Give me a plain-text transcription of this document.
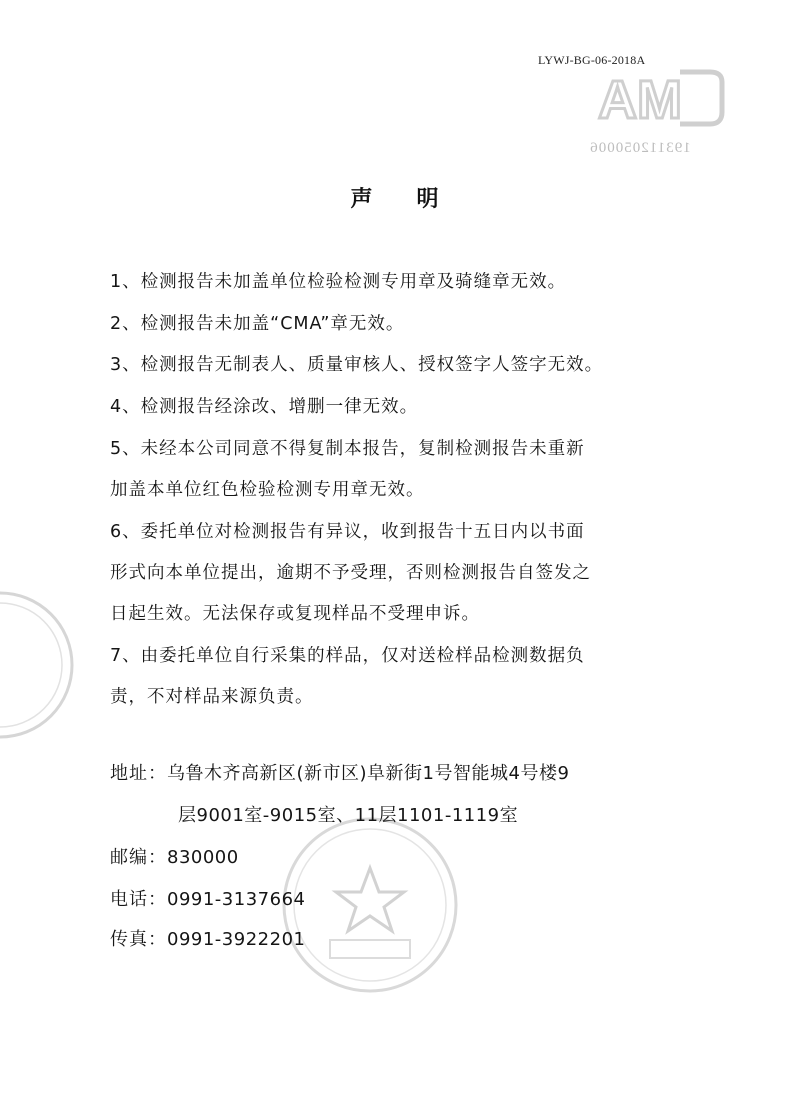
LYWJ-BG-06-2018A
MA
193112050006
声明
1、检测报告未加盖单位检验检测专用章及骑缝章无效。
2、检测报告未加盖“CMA”章无效。
3、检测报告无制表人、质量审核人、授权签字人签字无效。
4、检测报告经涂改、增删一律无效。
5、未经本公司同意不得复制本报告，复制检测报告未重新
加盖本单位红色检验检测专用章无效。
6、委托单位对检测报告有异议，收到报告十五日内以书面
形式向本单位提出，逾期不予受理，否则检测报告自签发之
日起生效。无法保存或复现样品不受理申诉。
7、由委托单位自行采集的样品，仅对送检样品检测数据负
责，不对样品来源负责。
地址：乌鲁木齐高新区(新市区)阜新街1号智能城4号楼9
层9001室-9015室、11层1101-1119室
邮编：830000
电话：0991-3137664
传真：0991-3922201
